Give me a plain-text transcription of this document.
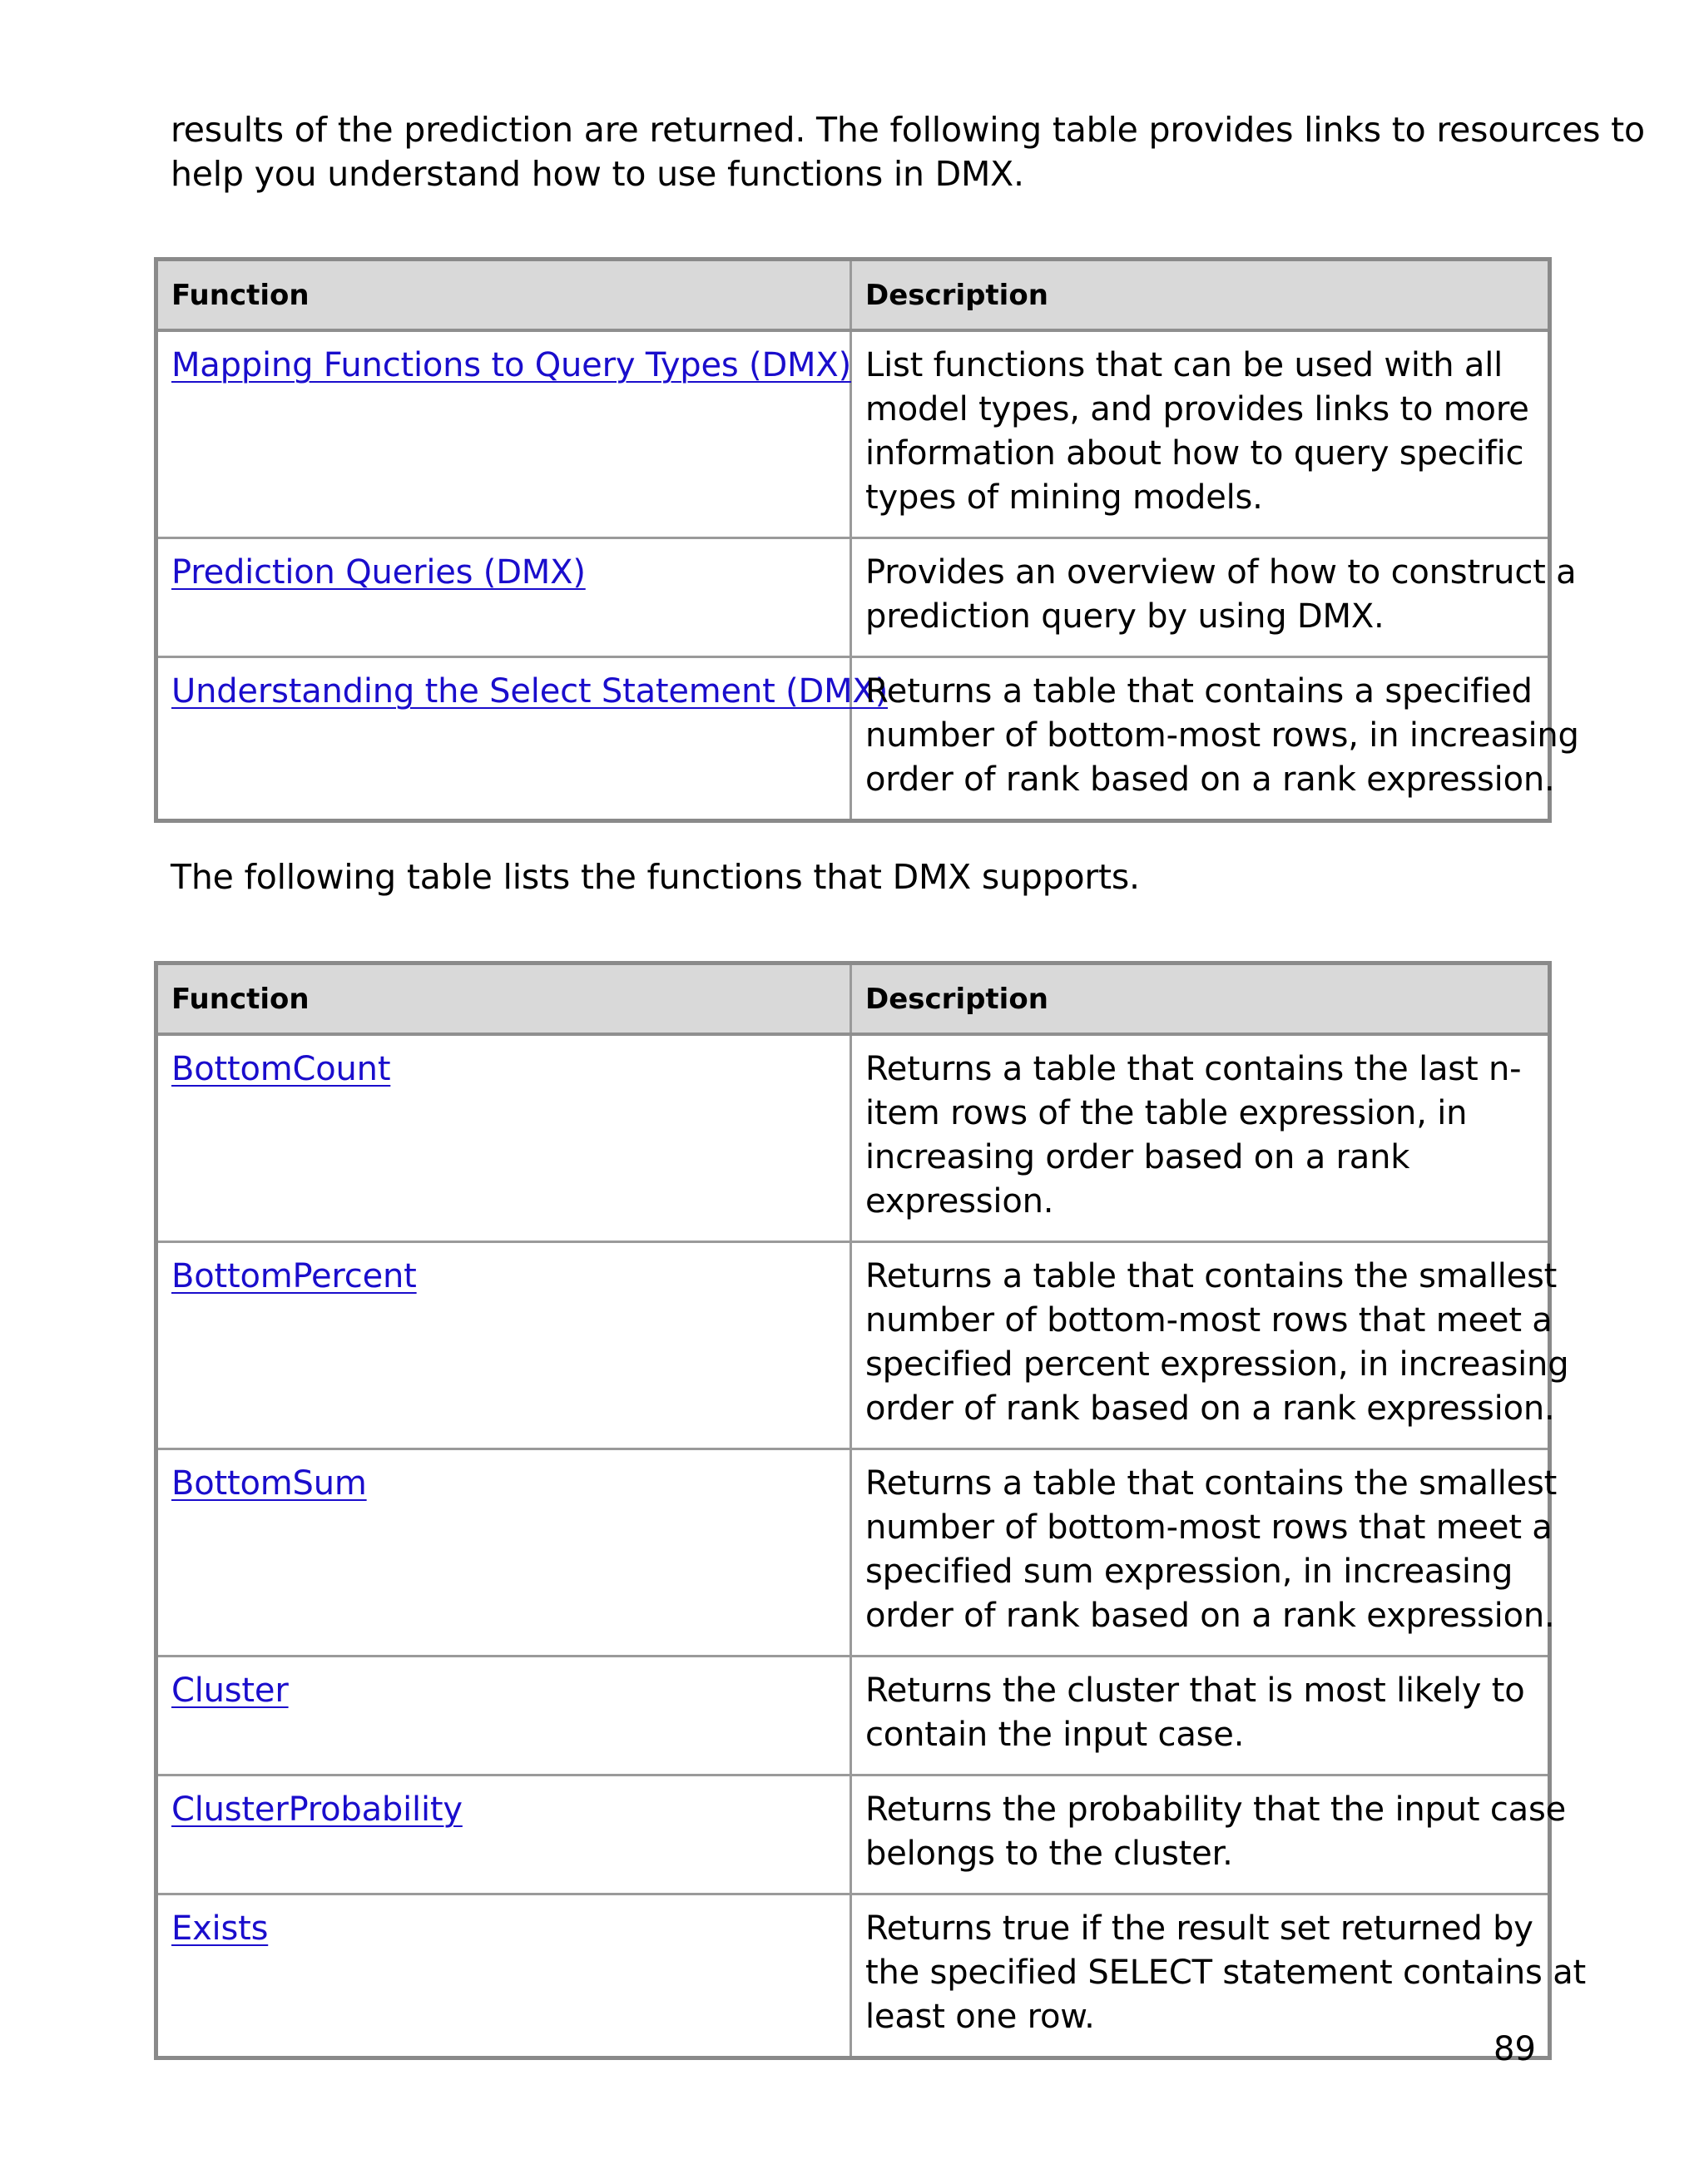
results of the prediction are returned. The following table provides links to resources to
help you understand how to use functions in DMX.

Function	Description
Mapping Functions to Query Types (DMX)	List functions that can be used with all
model types, and provides links to more
information about how to query specific
types of mining models.

Prediction Queries (DMX)	Provides an overview of how to construct a
prediction query by using DMX.

Understanding the Select Statement (DMX)	Returns a table that contains a specified
number of bottom-most rows, in increasing
order of rank based on a rank expression.

The following table lists the functions that DMX supports.

Function	Description
BottomCount	Returns a table that contains the last n-
item rows of the table expression, in
increasing order based on a rank
expression.

BottomPercent	Returns a table that contains the smallest
number of bottom-most rows that meet a
specified percent expression, in increasing
order of rank based on a rank expression.

BottomSum	Returns a table that contains the smallest
number of bottom-most rows that meet a
specified sum expression, in increasing
order of rank based on a rank expression.

Cluster	Returns the cluster that is most likely to
contain the input case.

ClusterProbability	Returns the probability that the input case
belongs to the cluster.

Exists	Returns true if the result set returned by
the specified SELECT statement contains at
least one row.
89
